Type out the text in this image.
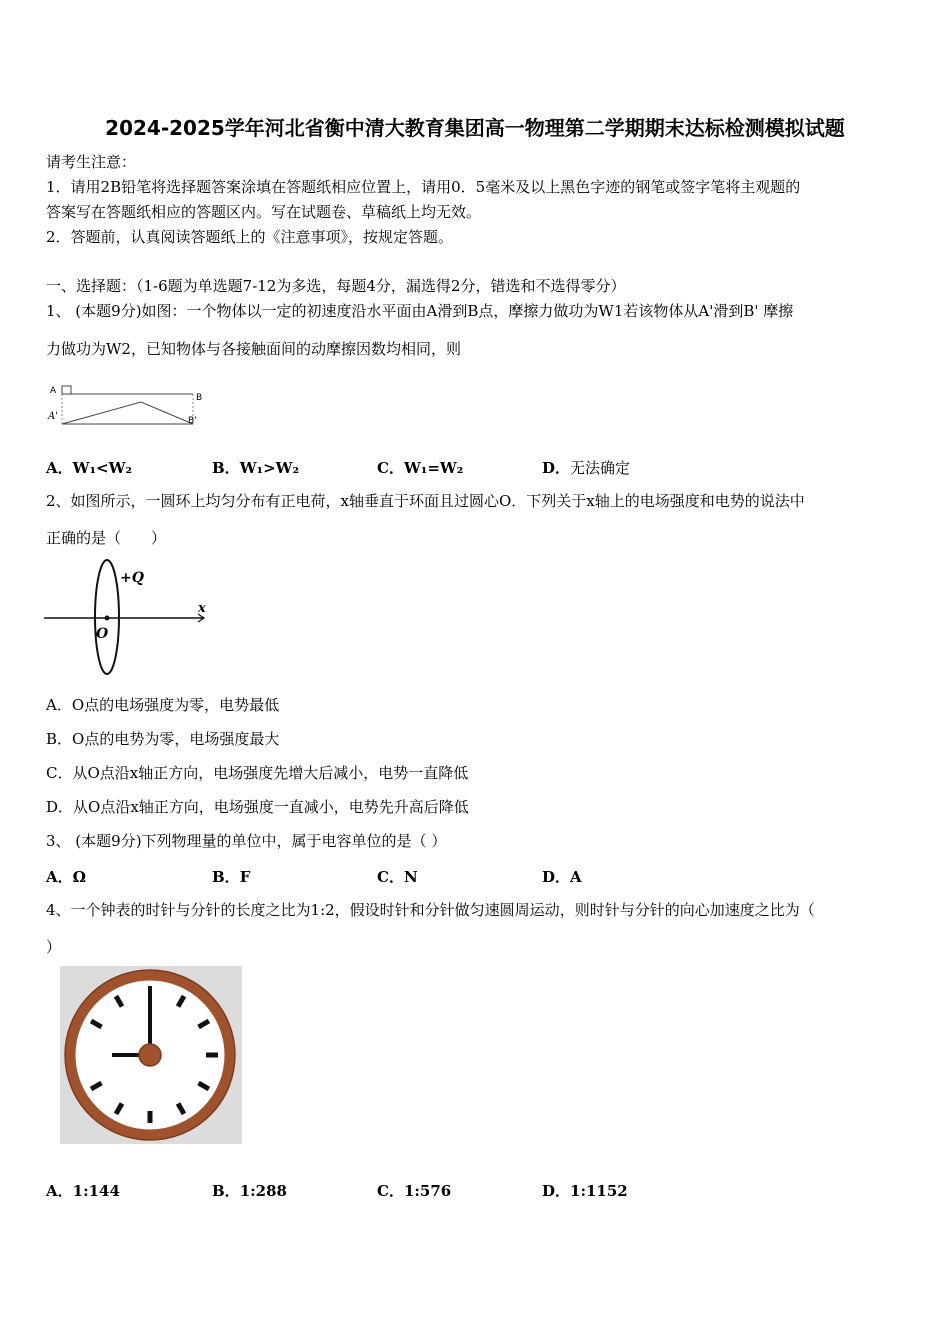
2024-2025学年河北省衡中清大教育集团高一物理第二学期期末达标检测模拟试题
请考生注意：
1．请用2B铅笔将选择题答案涂填在答题纸相应位置上，请用0．5毫米及以上黑色字迹的钢笔或签字笔将主观题的
答案写在答题纸相应的答题区内。写在试题卷、草稿纸上均无效。
2．答题前，认真阅读答题纸上的《注意事项》，按规定答题。
一、选择题：（1-6题为单选题7-12为多选，每题4分，漏选得2分，错选和不选得零分）
1、 (本题9分)如图：一个物体以一定的初速度沿水平面由A滑到B点，摩擦力做功为W1若该物体从A'滑到B' 摩擦
力做功为W2，已知物体与各接触面间的动摩擦因数均相同，则
A
B
A'	B'
A．W₁<W₂	B．W₁>W₂	C．W₁=W₂	D．无法确定
2、如图所示，一圆环上均匀分布有正电荷，x轴垂直于环面且过圆心O．下列关于x轴上的电场强度和电势的说法中
正确的是（　　）
+Q
x
O
A．O点的电场强度为零，电势最低
B．O点的电势为零，电场强度最大
C．从O点沿x轴正方向，电场强度先增大后减小，电势一直降低
D．从O点沿x轴正方向，电场强度一直减小，电势先升高后降低
3、 (本题9分)下列物理量的单位中，属于电容单位的是（ ）
A．Ω	B．F	C．N	D．A
4、一个钟表的时针与分针的长度之比为1:2，假设时针和分针做匀速圆周运动，则时针与分针的向心加速度之比为（
）
A．1:144	B．1:288	C．1:576	D．1:1152
